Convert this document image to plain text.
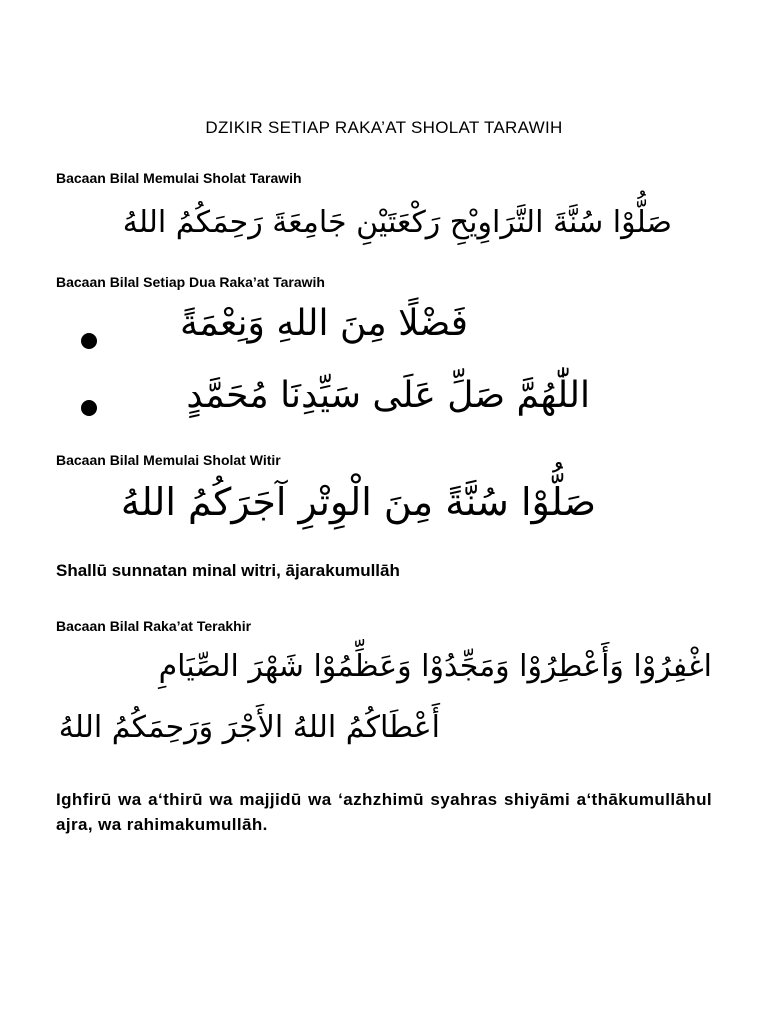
DZIKIR SETIAP RAKA’AT SHOLAT TARAWIH
Bacaan Bilal Memulai Sholat Tarawih
صَلُّوْا سُنَّةَ التَّرَاوِيْحِ رَكْعَتَيْنِ جَامِعَةَ رَحِمَكُمُ اللهُ
Bacaan Bilal Setiap Dua Raka’at Tarawih
فَضْلًا مِنَ اللهِ وَنِعْمَةً
اللّٰهُمَّ صَلِّ عَلَى سَيِّدِنَا مُحَمَّدٍ
Bacaan Bilal Memulai Sholat Witir
صَلُّوْا سُنَّةً مِنَ الْوِتْرِ آجَرَكُمُ اللهُ
Shallū sunnatan minal witri, ājarakumullāh
Bacaan Bilal Raka’at Terakhir
اغْفِرُوْا وَأَعْطِرُوْا وَمَجِّدُوْا وَعَظِّمُوْا شَهْرَ الصِّيَامِ
أَعْطَاكُمُ اللهُ الأَجْرَ وَرَحِمَكُمُ اللهُ
Ighfirū wa a‘thirū wa majjidū wa ‘azhzhimū syahras shiyāmi a‘thākumullāhul ajra, wa rahimakumullāh.
